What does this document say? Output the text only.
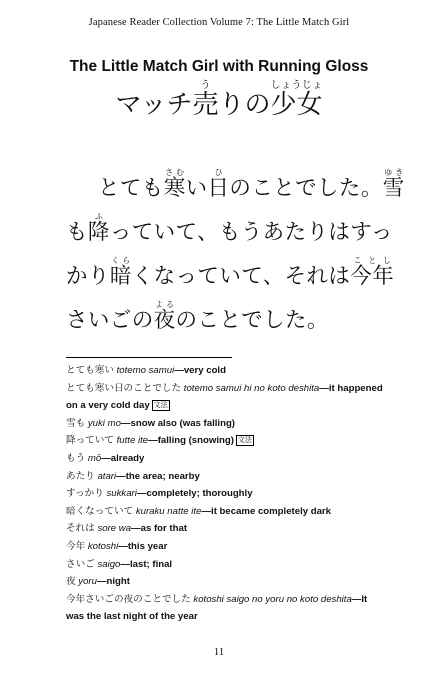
Japanese Reader Collection Volume 7: The Little Match Girl
The Little Match Girl with Running Gloss
マッチ売うりの少女しょうじょ
とても寒さむい日ひのことでした。雪ゆきも降ふっていて、もうあたりはすっかり暗くらくなっていて、それは今年ことしさいごの夜よるのことでした。
とても寒い totemo samui—very cold
とても寒い日のことでした totemo samui hi no koto deshita—it happened on a very cold day 文法
雪も yuki mo—snow also (was falling)
降っていて futte ite—falling (snowing) 文法
もう mō—already
あたり atari—the area; nearby
すっかり sukkari—completely; thoroughly
暗くなっていて kuraku natte ite—it became completely dark
それは sore wa—as for that
今年 kotoshi—this year
さいご saigo—last; final
夜 yoru—night
今年さいごの夜のことでした kotoshi saigo no yoru no koto deshita—It was the last night of the year
11
